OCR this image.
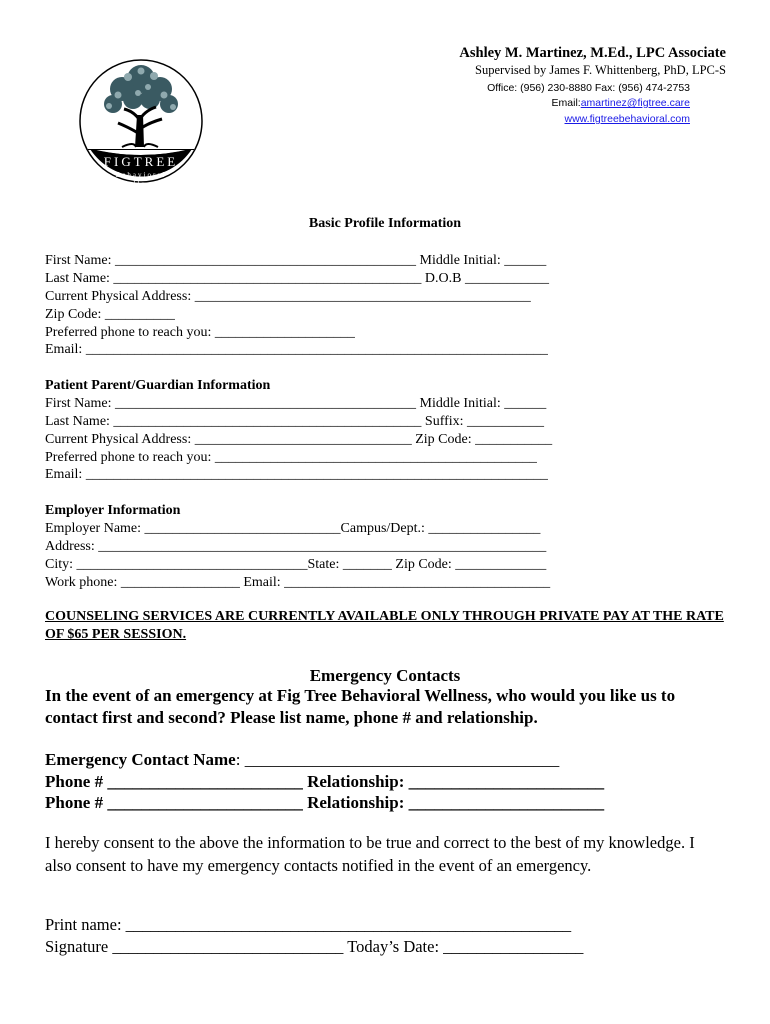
FIGTREE
Behavioral
Wellness
Ashley M. Martinez, M.Ed., LPC Associate
Supervised by James F. Whittenberg, PhD, LPC-S
Office: (956) 230-8880 Fax: (956) 474-2753
Email:amartinez@figtree.care
www.figtreebehavioral.com
Basic Profile Information
First Name: ___________________________________________ Middle Initial: ______
Last Name: ____________________________________________ D.O.B ____________
Current Physical Address: ________________________________________________
Zip Code: __________
Preferred phone to reach you: ____________________
Email: __________________________________________________________________
Patient Parent/Guardian Information
First Name: ___________________________________________ Middle Initial: ______
Last Name: ____________________________________________ Suffix: ___________
Current Physical Address: _______________________________ Zip Code: ___________
Preferred phone to reach you: ______________________________________________
Email: __________________________________________________________________
Employer Information
Employer Name: ____________________________Campus/Dept.: ________________
Address: ________________________________________________________________
City: _________________________________State: _______ Zip Code: _____________
Work phone: _________________ Email: ______________________________________
COUNSELING SERVICES ARE CURRENTLY AVAILABLE ONLY THROUGH PRIVATE PAY AT THE RATE OF $65 PER SESSION.
Emergency Contacts
In the event of an emergency at Fig Tree Behavioral Wellness, who would you like us to contact first and second? Please list name, phone # and relationship.
Emergency Contact Name: _____________________________________
Phone # _______________________ Relationship: _______________________
Phone # _______________________ Relationship: _______________________
I hereby consent to the above the information to be true and correct to the best of my knowledge. I also consent to have my emergency contacts notified in the event of an emergency.
Print name: ______________________________________________________
Signature ____________________________ Today’s Date: _________________
